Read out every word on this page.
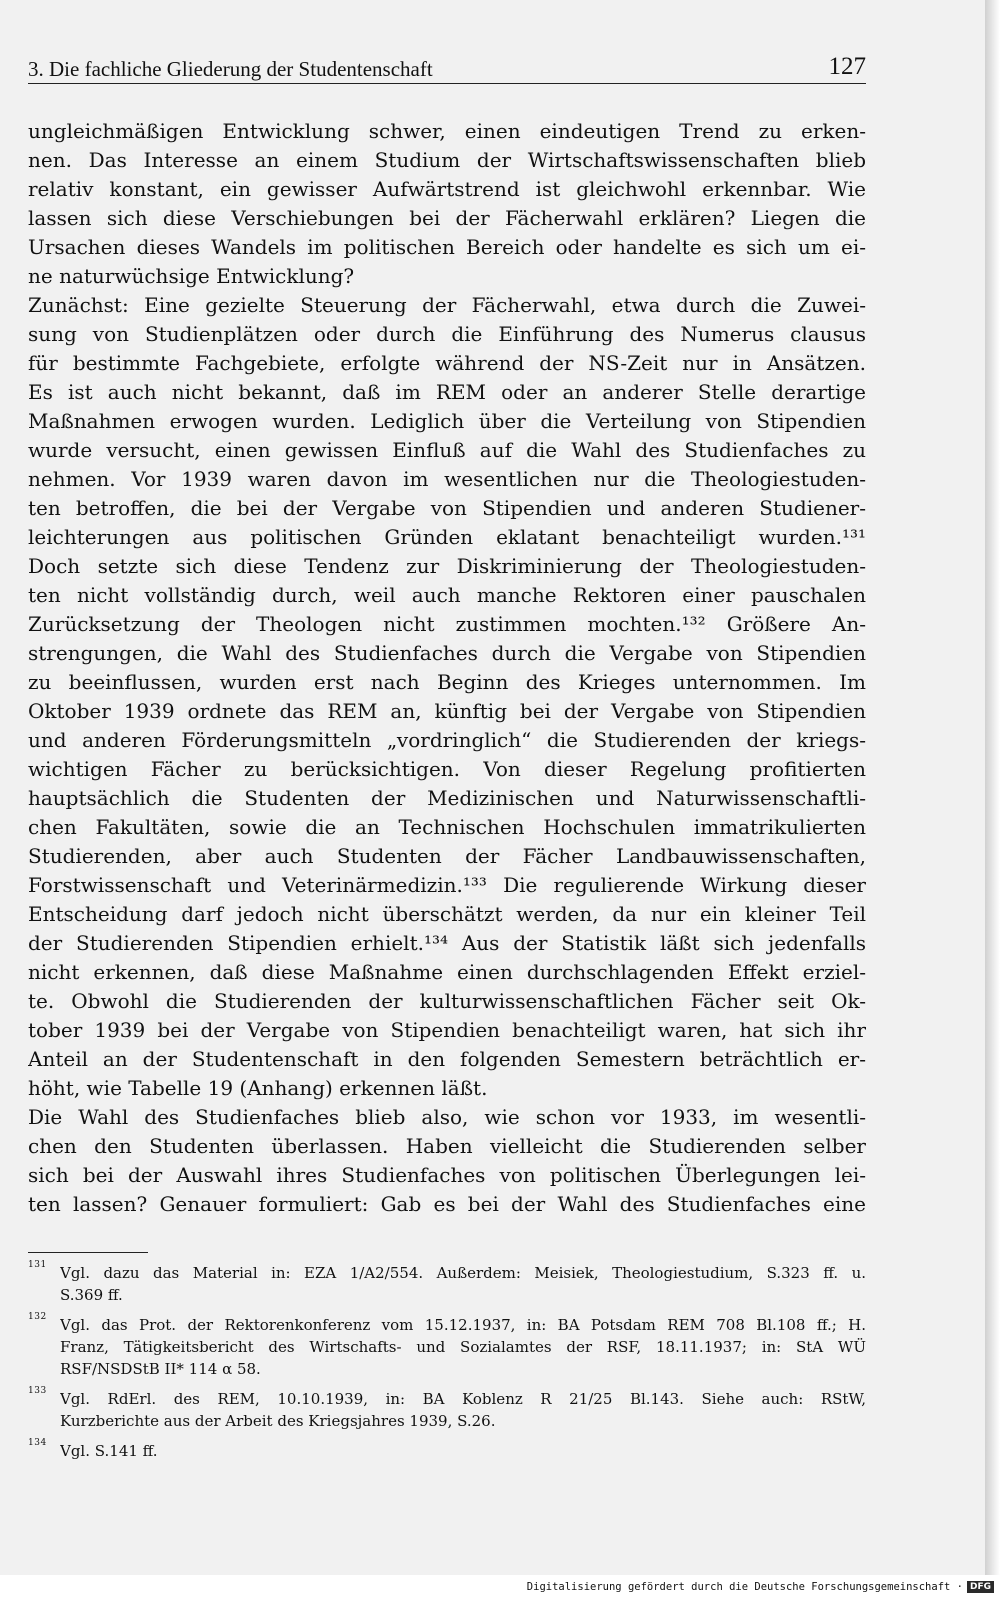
3. Die fachliche Gliederung der Studentenschaft	127
ungleichmäßigen Entwicklung schwer, einen eindeutigen Trend zu erken-
nen. Das Interesse an einem Studium der Wirtschaftswissenschaften blieb
relativ konstant, ein gewisser Aufwärtstrend ist gleichwohl erkennbar. Wie
lassen sich diese Verschiebungen bei der Fächerwahl erklären? Liegen die
Ursachen dieses Wandels im politischen Bereich oder handelte es sich um ei-
ne naturwüchsige Entwicklung?
Zunächst: Eine gezielte Steuerung der Fächerwahl, etwa durch die Zuwei-
sung von Studienplätzen oder durch die Einführung des Numerus clausus
für bestimmte Fachgebiete, erfolgte während der NS-Zeit nur in Ansätzen.
Es ist auch nicht bekannt, daß im REM oder an anderer Stelle derartige
Maßnahmen erwogen wurden. Lediglich über die Verteilung von Stipendien
wurde versucht, einen gewissen Einfluß auf die Wahl des Studienfaches zu
nehmen. Vor 1939 waren davon im wesentlichen nur die Theologiestuden-
ten betroffen, die bei der Vergabe von Stipendien und anderen Studiener-
leichterungen aus politischen Gründen eklatant benachteiligt wurden.¹³¹
Doch setzte sich diese Tendenz zur Diskriminierung der Theologiestuden-
ten nicht vollständig durch, weil auch manche Rektoren einer pauschalen
Zurücksetzung der Theologen nicht zustimmen mochten.¹³² Größere An-
strengungen, die Wahl des Studienfaches durch die Vergabe von Stipendien
zu beeinflussen, wurden erst nach Beginn des Krieges unternommen. Im
Oktober 1939 ordnete das REM an, künftig bei der Vergabe von Stipendien
und anderen Förderungsmitteln „vordringlich“ die Studierenden der kriegs-
wichtigen Fächer zu berücksichtigen. Von dieser Regelung profitierten
hauptsächlich die Studenten der Medizinischen und Naturwissenschaftli-
chen Fakultäten, sowie die an Technischen Hochschulen immatrikulierten
Studierenden, aber auch Studenten der Fächer Landbauwissenschaften,
Forstwissenschaft und Veterinärmedizin.¹³³ Die regulierende Wirkung dieser
Entscheidung darf jedoch nicht überschätzt werden, da nur ein kleiner Teil
der Studierenden Stipendien erhielt.¹³⁴ Aus der Statistik läßt sich jedenfalls
nicht erkennen, daß diese Maßnahme einen durchschlagenden Effekt erziel-
te. Obwohl die Studierenden der kulturwissenschaftlichen Fächer seit Ok-
tober 1939 bei der Vergabe von Stipendien benachteiligt waren, hat sich ihr
Anteil an der Studentenschaft in den folgenden Semestern beträchtlich er-
höht, wie Tabelle 19 (Anhang) erkennen läßt.
Die Wahl des Studienfaches blieb also, wie schon vor 1933, im wesentli-
chen den Studenten überlassen. Haben vielleicht die Studierenden selber
sich bei der Auswahl ihres Studienfaches von politischen Überlegungen lei-
ten lassen? Genauer formuliert: Gab es bei der Wahl des Studienfaches eine
131 Vgl. dazu das Material in: EZA 1/A2/554. Außerdem: Meisiek, Theologiestudium, S.323 ff. u.
S.369 ff.
132 Vgl. das Prot. der Rektorenkonferenz vom 15.12.1937, in: BA Potsdam REM 708 Bl.108 ff.; H.
Franz, Tätigkeitsbericht des Wirtschafts- und Sozialamtes der RSF, 18.11.1937; in: StA WÜ
RSF/NSDStB II* 114 α 58.
133 Vgl. RdErl. des REM, 10.10.1939, in: BA Koblenz R 21/25 Bl.143. Siehe auch: RStW,
Kurzberichte aus der Arbeit des Kriegsjahres 1939, S.26.
134 Vgl. S.141 ff.
Digitalisierung gefördert durch die Deutsche Forschungsgemeinschaft · DFG
